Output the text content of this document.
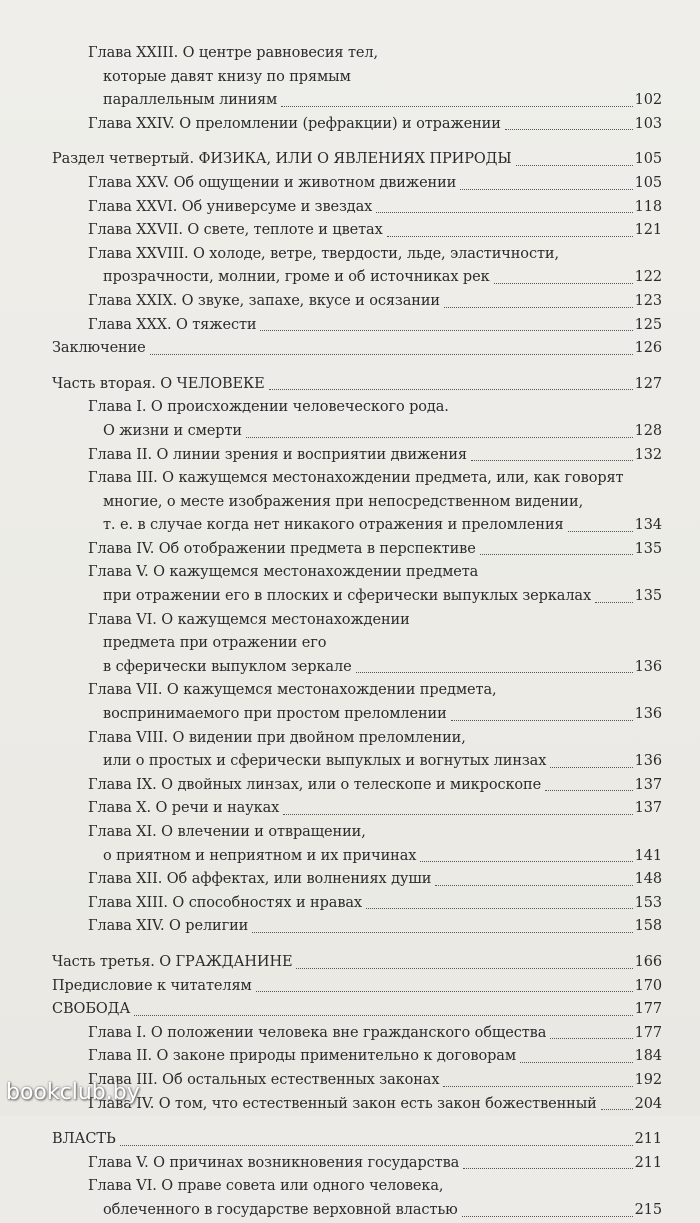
Глава XXIII. О центре равновесия тел,
которые давят книзу по прямым
параллельным линиям	102
Глава XXIV. О преломлении (рефракции) и отражении	103
Раздел четвертый. ФИЗИКА, ИЛИ О ЯВЛЕНИЯХ ПРИРОДЫ	105
Глава XXV. Об ощущении и животном движении	105
Глава XXVI. Об универсуме и звездах	118
Глава XXVII. О свете, теплоте и цветах	121
Глава XXVIII. О холоде, ветре, твердости, льде, эластичности,
прозрачности, молнии, громе и об источниках рек	122
Глава XXIX. О звуке, запахе, вкусе и осязании	123
Глава XXX. О тяжести	125
Заключение	126
Часть вторая. О ЧЕЛОВЕКЕ	127
Глава I. О происхождении человеческого рода.
О жизни и смерти	128
Глава II. О линии зрения и восприятии движения	132
Глава III. О кажущемся местонахождении предмета, или, как говорят
многие, о месте изображения при непосредственном видении,
т. е. в случае когда нет никакого отражения и преломления	134
Глава IV. Об отображении предмета в перспективе	135
Глава V. О кажущемся местонахождении предмета
при отражении его в плоских и сферически выпуклых зеркалах	135
Глава VI. О кажущемся местонахождении
предмета при отражении его
в сферически выпуклом зеркале	136
Глава VII. О кажущемся местонахождении предмета,
воспринимаемого при простом преломлении	136
Глава VIII. О видении при двойном преломлении,
или о простых и сферически выпуклых и вогнутых линзах	136
Глава IX. О двойных линзах, или о телескопе и микроскопе	137
Глава X. О речи и науках	137
Глава XI. О влечении и отвращении,
о приятном и неприятном и их причинах	141
Глава XII. Об аффектах, или волнениях души	148
Глава XIII. О способностях и нравах	153
Глава XIV. О религии	158
Часть третья. О ГРАЖДАНИНЕ	166
Предисловие к читателям	170
СВОБОДА	177
Глава I. О положении человека вне гражданского общества	177
Глава II. О законе природы применительно к договорам	184
Глава III. Об остальных естественных законах	192
Глава IV. О том, что естественный закон есть закон божественный	204
ВЛАСТЬ	211
Глава V. О причинах возникновения государства	211
Глава VI. О праве совета или одного человека,
облеченного в государстве верховной властью	215
bookclub.by
